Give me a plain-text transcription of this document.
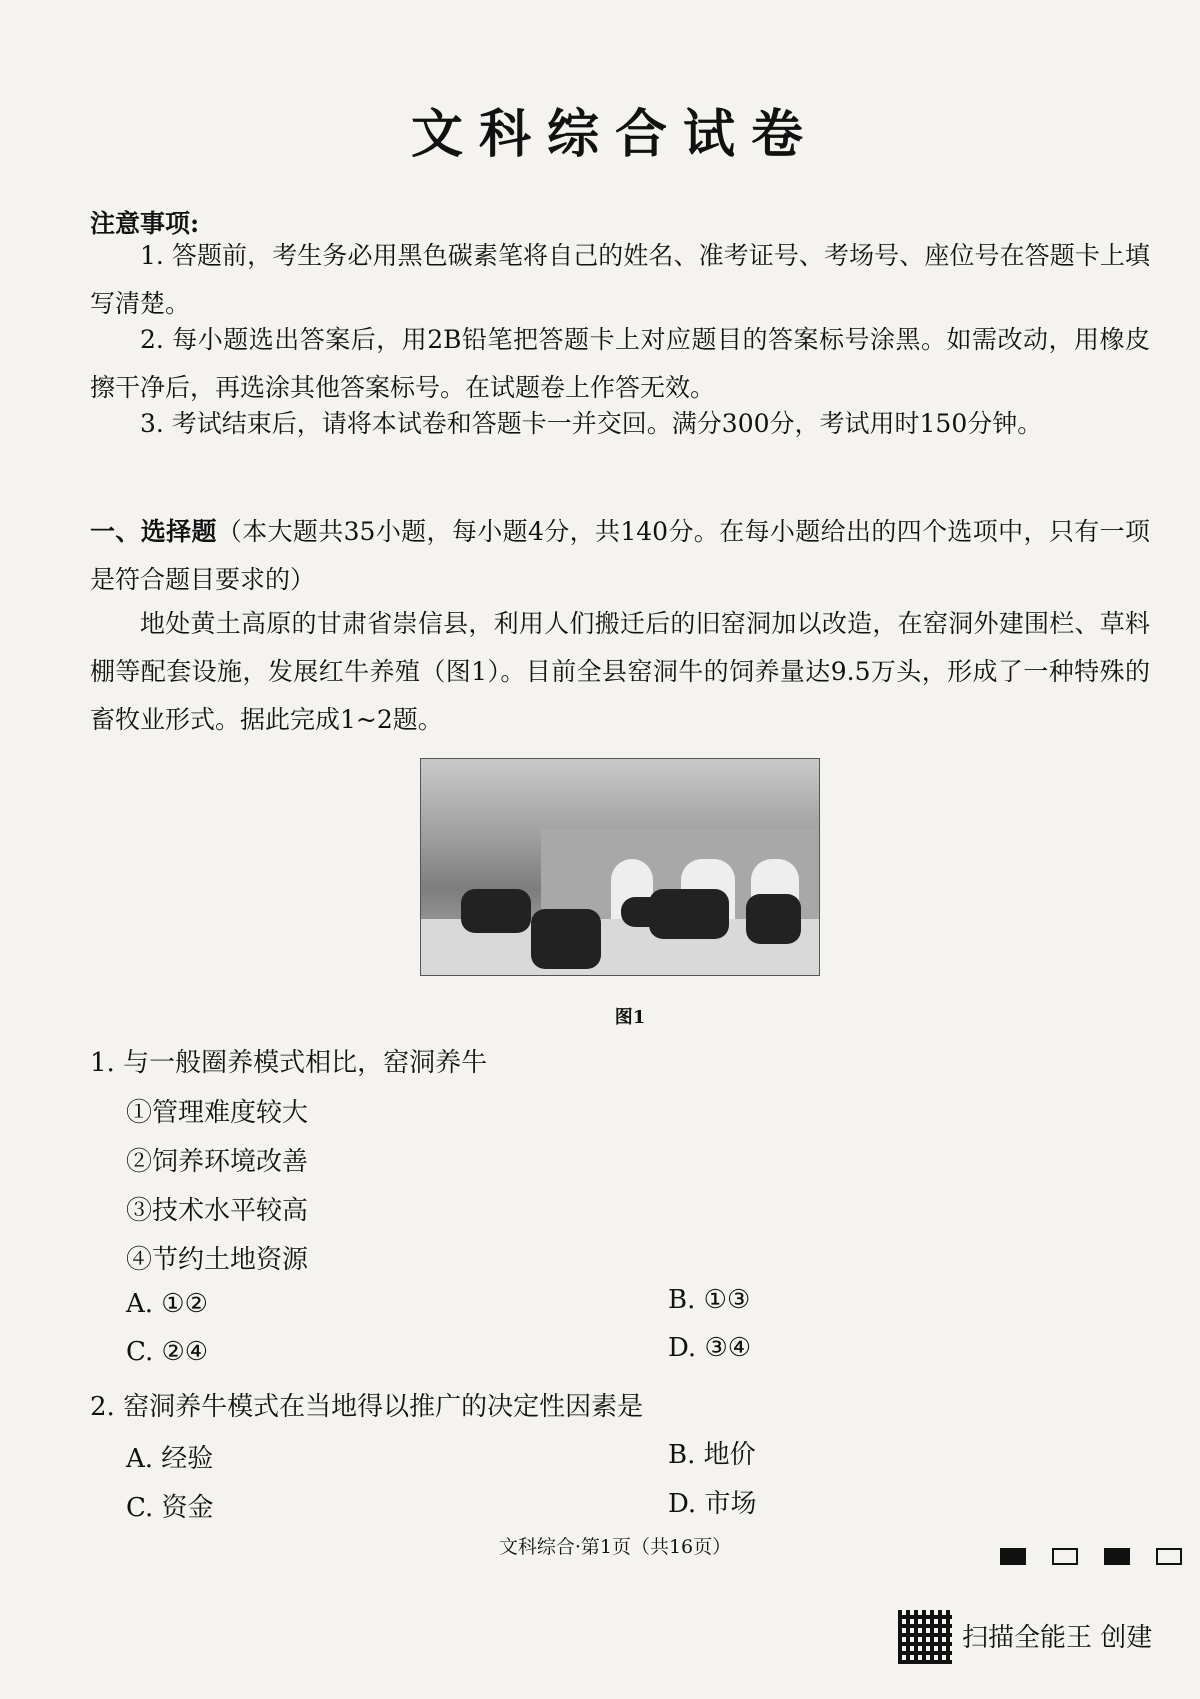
文科综合试卷
注意事项:
1. 答题前，考生务必用黑色碳素笔将自己的姓名、准考证号、考场号、座位号在答题卡上填写清楚。
2. 每小题选出答案后，用2B铅笔把答题卡上对应题目的答案标号涂黑。如需改动，用橡皮擦干净后，再选涂其他答案标号。在试题卷上作答无效。
3. 考试结束后，请将本试卷和答题卡一并交回。满分300分，考试用时150分钟。
一、选择题（本大题共35小题，每小题4分，共140分。在每小题给出的四个选项中，只有一项是符合题目要求的）
地处黄土高原的甘肃省崇信县，利用人们搬迁后的旧窑洞加以改造，在窑洞外建围栏、草料棚等配套设施，发展红牛养殖（图1）。目前全县窑洞牛的饲养量达9.5万头，形成了一种特殊的畜牧业形式。据此完成1~2题。
图1
1. 与一般圈养模式相比，窑洞养牛
①管理难度较大
②饲养环境改善
③技术水平较高
④节约土地资源
A. ①②	B. ①③
C. ②④	D. ③④
2. 窑洞养牛模式在当地得以推广的决定性因素是
A. 经验	B. 地价
C. 资金	D. 市场
文科综合·第1页（共16页）
扫描全能王 创建
